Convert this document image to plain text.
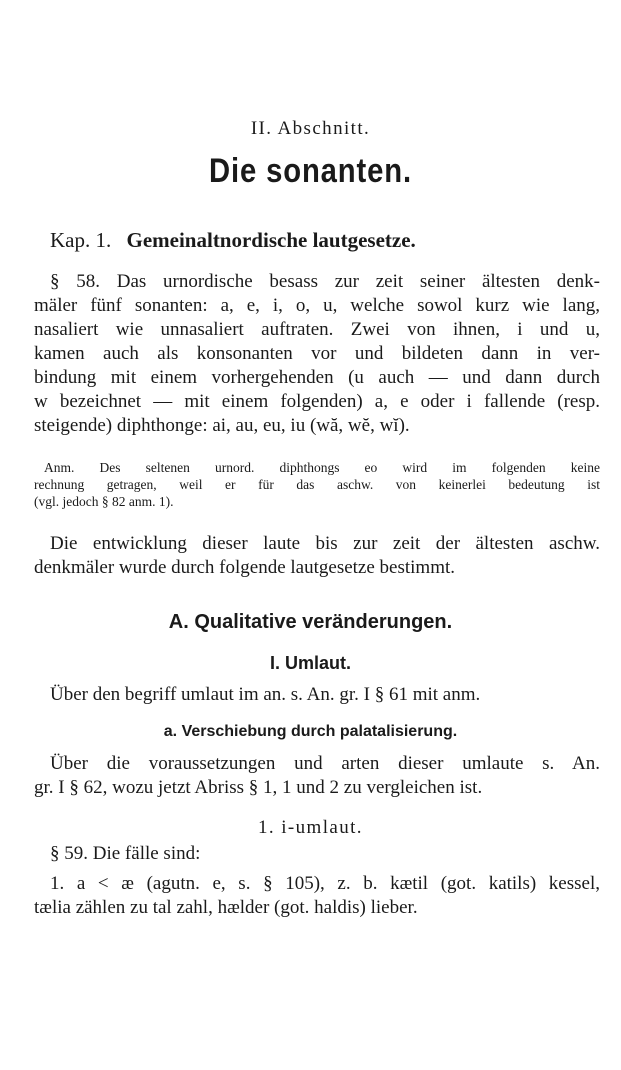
II. Abschnitt.
Die sonanten.
Kap. 1. Gemeinaltnordische lautgesetze.
§ 58. Das urnordische besass zur zeit seiner ältesten denk-
mäler fünf sonanten: a, e, i, o, u, welche sowol kurz wie lang,
nasaliert wie unnasaliert auftraten. Zwei von ihnen, i und u,
kamen auch als konsonanten vor und bildeten dann in ver-
bindung mit einem vorhergehenden (u auch — und dann durch
w bezeichnet — mit einem folgenden) a, e oder i fallende (resp.
steigende) diphthonge: ai, au, eu, iu (wă, wĕ, wĭ).
Anm. Des seltenen urnord. diphthongs eo wird im folgenden keine
rechnung getragen, weil er für das aschw. von keinerlei bedeutung ist
(vgl. jedoch § 82 anm. 1).
Die entwicklung dieser laute bis zur zeit der ältesten aschw.
denkmäler wurde durch folgende lautgesetze bestimmt.
A. Qualitative veränderungen.
I. Umlaut.
Über den begriff umlaut im an. s. An. gr. I § 61 mit anm.
a. Verschiebung durch palatalisierung.
Über die voraussetzungen und arten dieser umlaute s. An.
gr. I § 62, wozu jetzt Abriss § 1, 1 und 2 zu vergleichen ist.
1. i-umlaut.
§ 59. Die fälle sind:
1. a < æ (agutn. e, s. § 105), z. b. kætil (got. katils) kessel,
tælia zählen zu tal zahl, hælder (got. haldis) lieber.
